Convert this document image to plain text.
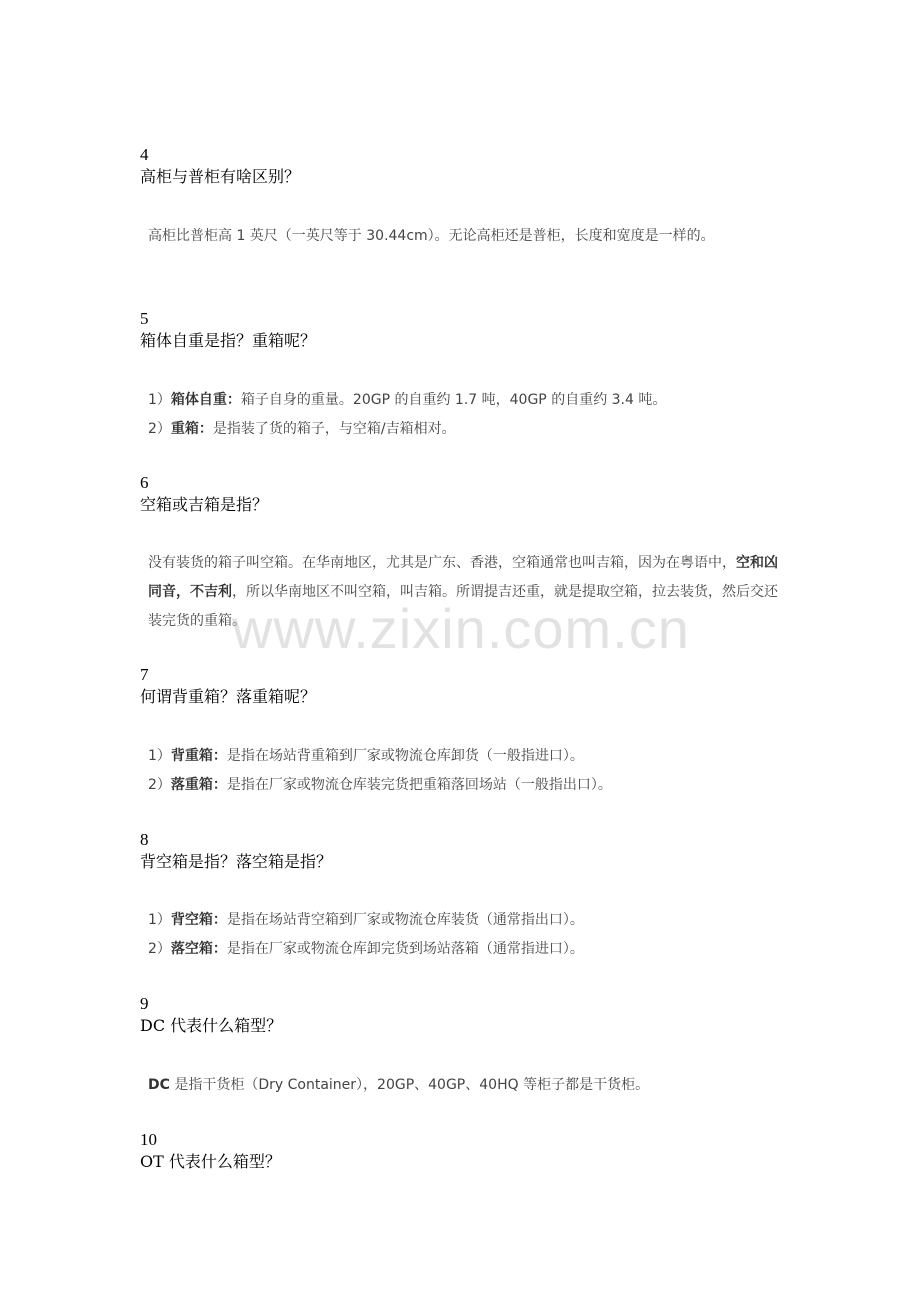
4
高柜与普柜有啥区别？

高柜比普柜高 1 英尺（一英尺等于 30.44cm）。无论高柜还是普柜，长度和宽度是一样的。

5
箱体自重是指？重箱呢？

1）箱体自重：箱子自身的重量。20GP 的自重约 1.7 吨，40GP 的自重约 3.4 吨。

2）重箱：是指装了货的箱子，与空箱/吉箱相对。

6
空箱或吉箱是指？

没有装货的箱子叫空箱。在华南地区，尤其是广东、香港，空箱通常也叫吉箱，因为在粤语中，空和凶同音，不吉利，所以华南地区不叫空箱，叫吉箱。所谓提吉还重，就是提取空箱，拉去装货，然后交还装完货的重箱。

7
何谓背重箱？落重箱呢？

1）背重箱：是指在场站背重箱到厂家或物流仓库卸货（一般指进口）。

2）落重箱：是指在厂家或物流仓库装完货把重箱落回场站（一般指出口）。

8
背空箱是指？落空箱是指？

1）背空箱：是指在场站背空箱到厂家或物流仓库装货（通常指出口）。

2）落空箱：是指在厂家或物流仓库卸完货到场站落箱（通常指进口）。

9
DC 代表什么箱型？

DC 是指干货柜（Dry Container），20GP、40GP、40HQ 等柜子都是干货柜。

10
OT 代表什么箱型？
www.zixin.com.cn
